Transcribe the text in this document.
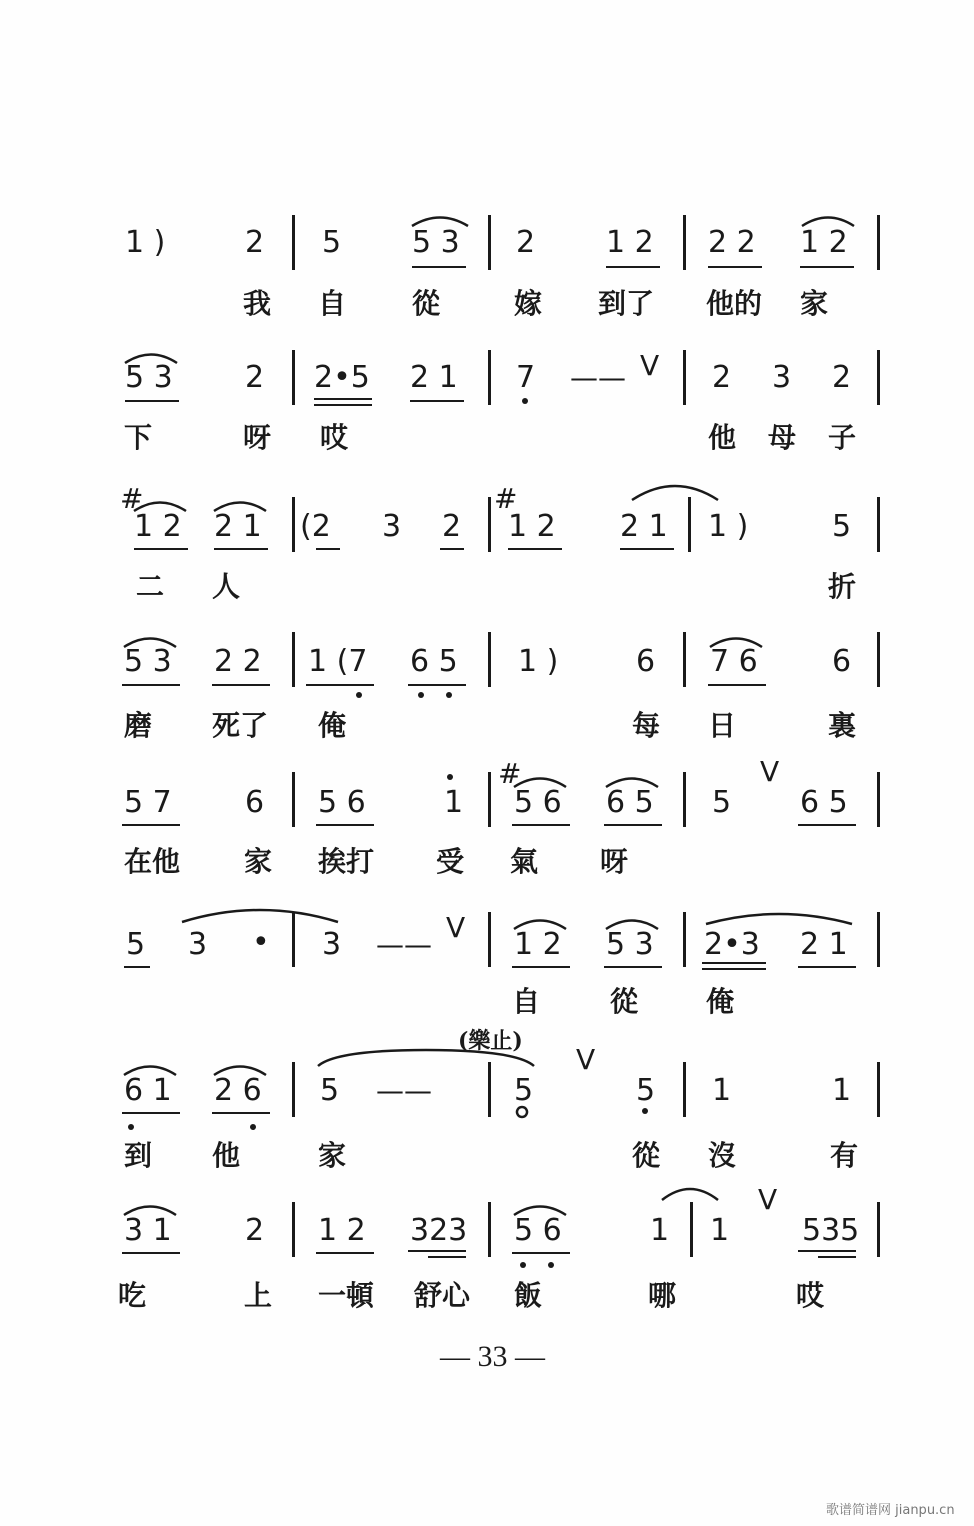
1 )	2 5 5 3 2 1 2 2 2 1 2
我 自 從	嫁 到了 他的 家
5 3 2 2•5 2 1 7 —— V 2 3 2
下	呀 哎	他 母 子
#
1 2 2 1 (2 3 2
#
1 2 2 1 1 )	5
二 人	折
5 3 2 2 1 (7 6 5 1 )	6 7 6 6
磨 死了 俺	每 日	裏
5 7 6 5 6	1
#
5 6 6 5 5
V
6 5
在他 家 挨打 受 氣 呀
5 3 • 3 ——
V 1 2 5 3 2•3 2 1
自 從 俺
(樂止)
6 1 2 6 5 ——	5
V
5 1	1
到 他	家	從 沒	有
3 1 2 1 2 323 5 6	1 1
V
535
吃	上 一頓 舒心 飯	哪	哎
— 33 —
歌谱简谱网 jianpu.cn
